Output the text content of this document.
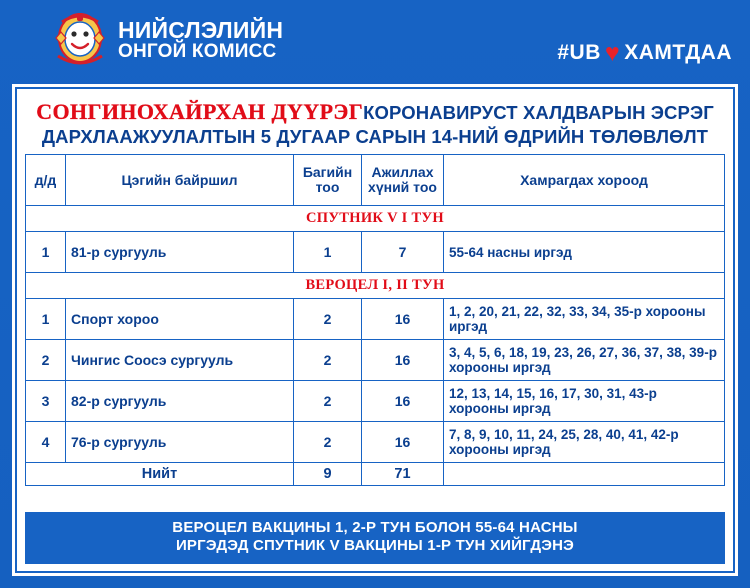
НИЙСЛЭЛИЙН
ОНГОЙ КОМИСС	#UB ♥ ХАМТДАА
СОНГИНОХАЙРХАН ДҮҮРЭГКОРОНАВИРУСТ ХАЛДВАРЫН ЭСРЭГ
ДАРХЛААЖУУЛАЛТЫН 5 ДУГААР САРЫН 14-НИЙ ӨДРИЙН ТӨЛӨВЛӨЛТ
д/д	Цэгийн байршил	Багийн тоо	Ажиллах хүний тоо	Хамрагдах хороод
СПУТНИК V I ТУН				
1	81-р сургууль	1	7	55-64 насны иргэд
ВЕРОЦЕЛ I, II ТУН				
1	Спорт хороо	2	16	1, 2, 20, 21, 22, 32, 33, 34, 35-р хорооны иргэд
2	Чингис Соосэ сургууль	2	16	3, 4, 5, 6, 18, 19, 23, 26, 27, 36, 37, 38, 39-р хорооны иргэд
3	82-р сургууль	2	16	12, 13, 14, 15, 16, 17, 30, 31, 43-р хорооны иргэд
4	76-р сургууль	2	16	7, 8, 9, 10, 11, 24, 25, 28, 40, 41, 42-р хорооны иргэд
Нийт		9	71	
ВЕРОЦЕЛ ВАКЦИНЫ 1, 2-Р ТУН БОЛОН 55-64 НАСНЫ
ИРГЭДЭД СПУТНИК V ВАКЦИНЫ 1-Р ТУН ХИЙГДЭНЭ
